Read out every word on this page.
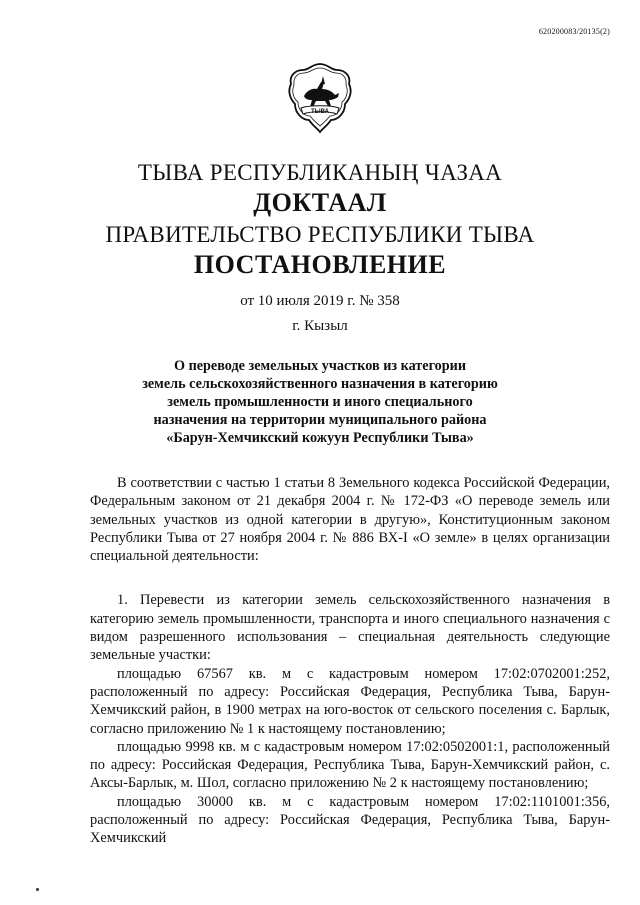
620200083/20135(2)
ТЫВА
ТЫВА РЕСПУБЛИКАНЫҢ ЧАЗАА
ДОКТААЛ
ПРАВИТЕЛЬСТВО РЕСПУБЛИКИ ТЫВА
ПОСТАНОВЛЕНИЕ
от 10 июля 2019 г. № 358
г. Кызыл
О переводе земельных участков из категории
земель сельскохозяйственного назначения в категорию
земель промышленности и иного специального
назначения на территории муниципального района
«Барун-Хемчикский кожуун Республики Тыва»

В соответствии с частью 1 статьи 8 Земельного кодекса Российской Федерации, Федеральным законом от 21 декабря 2004 г. № 172-ФЗ «О переводе земель или земельных участков из одной категории в другую», Конституционным законом Республики Тыва от 27 ноября 2004 г. № 886 ВХ-I «О земле» в целях организации специальной деятельности:

1. Перевести из категории земель сельскохозяйственного назначения в категорию земель промышленности, транспорта и иного специального назначения с видом разрешенного использования – специальная деятельность следующие земельные участки:

площадью 67567 кв. м с кадастровым номером 17:02:0702001:252, расположенный по адресу: Российская Федерация, Республика Тыва, Барун-Хемчикский район, в 1900 метрах на юго-восток от сельского поселения с. Барлык, согласно приложению № 1 к настоящему постановлению;

площадью 9998 кв. м с кадастровым номером 17:02:0502001:1, расположенный по адресу: Российская Федерация, Республика Тыва, Барун-Хемчикский район, с. Аксы-Барлык, м. Шол, согласно приложению № 2 к настоящему постановлению;

площадью 30000 кв. м с кадастровым номером 17:02:1101001:356, расположенный по адресу: Российская Федерация, Республика Тыва, Барун-Хемчикский
